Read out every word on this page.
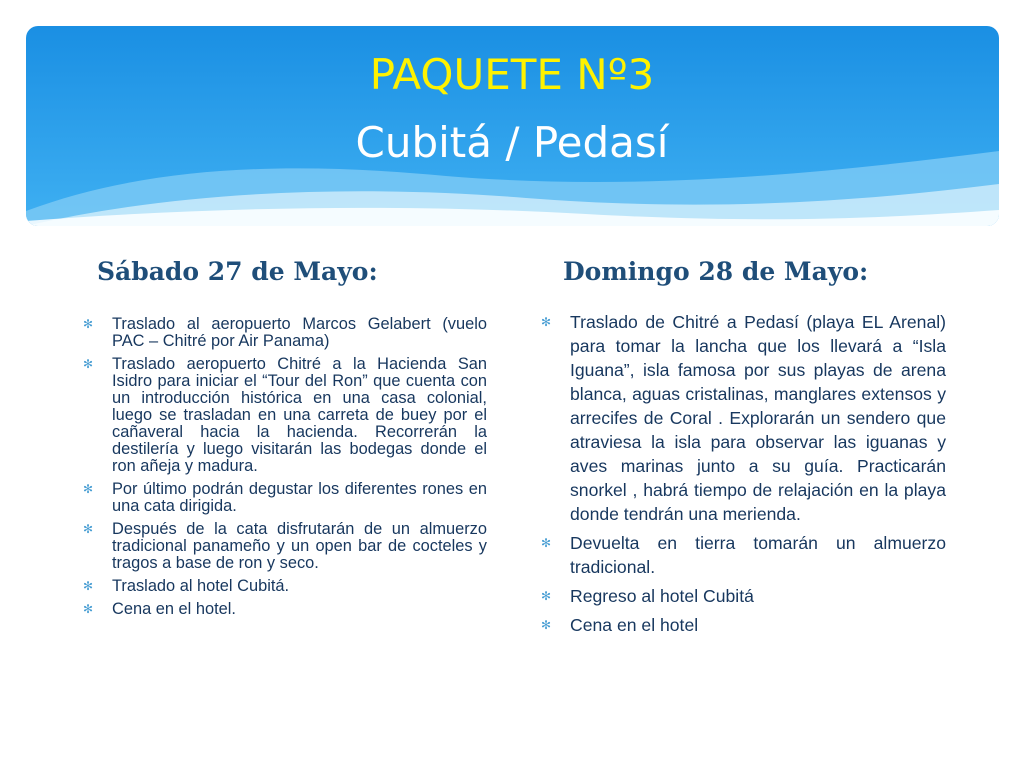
PAQUETE Nº3
Cubitá / Pedasí
Sábado 27 de Mayo:	Domingo 28 de Mayo:
✻ Traslado al aeropuerto Marcos Gelabert (vuelo PAC – Chitré por Air Panama)
✻ Traslado aeropuerto Chitré a la Hacienda San Isidro para iniciar el “Tour del Ron” que cuenta con un introducción histórica en una casa colonial, luego se trasladan en una carreta de buey por el cañaveral hacia la hacienda. Recorrerán la destilería y luego visitarán las bodegas donde el ron añeja y madura.
✻ Por último podrán degustar los diferentes rones en una cata dirigida.
✻ Después de la cata disfrutarán de un almuerzo tradicional panameño y un open bar de cocteles y tragos a base de ron y seco.
✻ Traslado al hotel Cubitá.
✻ Cena en el hotel.
✻ Traslado de Chitré a Pedasí (playa EL Arenal) para tomar la lancha que los llevará a “Isla Iguana”, isla famosa por sus playas de arena blanca, aguas cristalinas, manglares extensos y arrecifes de Coral . Explorarán un sendero que atraviesa la isla para observar las iguanas y aves marinas junto a su guía. Practicarán snorkel , habrá tiempo de relajación en la playa donde tendrán una merienda.
✻ Devuelta en tierra tomarán un almuerzo tradicional.
✻ Regreso al hotel Cubitá
✻ Cena en el hotel
